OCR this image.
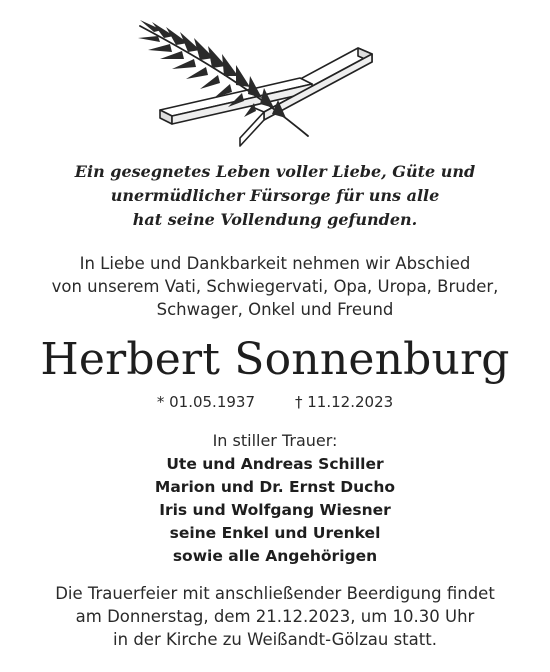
Ein gesegnetes Leben voller Liebe, Güte und
unermüdlicher Fürsorge für uns alle
hat seine Vollendung gefunden.
In Liebe und Dankbarkeit nehmen wir Abschied
von unserem Vati, Schwiegervati, Opa, Uropa, Bruder,
Schwager, Onkel und Freund
Herbert Sonnenburg
* 01.05.1937	† 11.12.2023
In stiller Trauer:
Ute und Andreas Schiller
Marion und Dr. Ernst Ducho
Iris und Wolfgang Wiesner
seine Enkel und Urenkel
sowie alle Angehörigen
Die Trauerfeier mit anschließender Beerdigung findet
am Donnerstag, dem 21.12.2023, um 10.30 Uhr
in der Kirche zu Weißandt-Gölzau statt.
